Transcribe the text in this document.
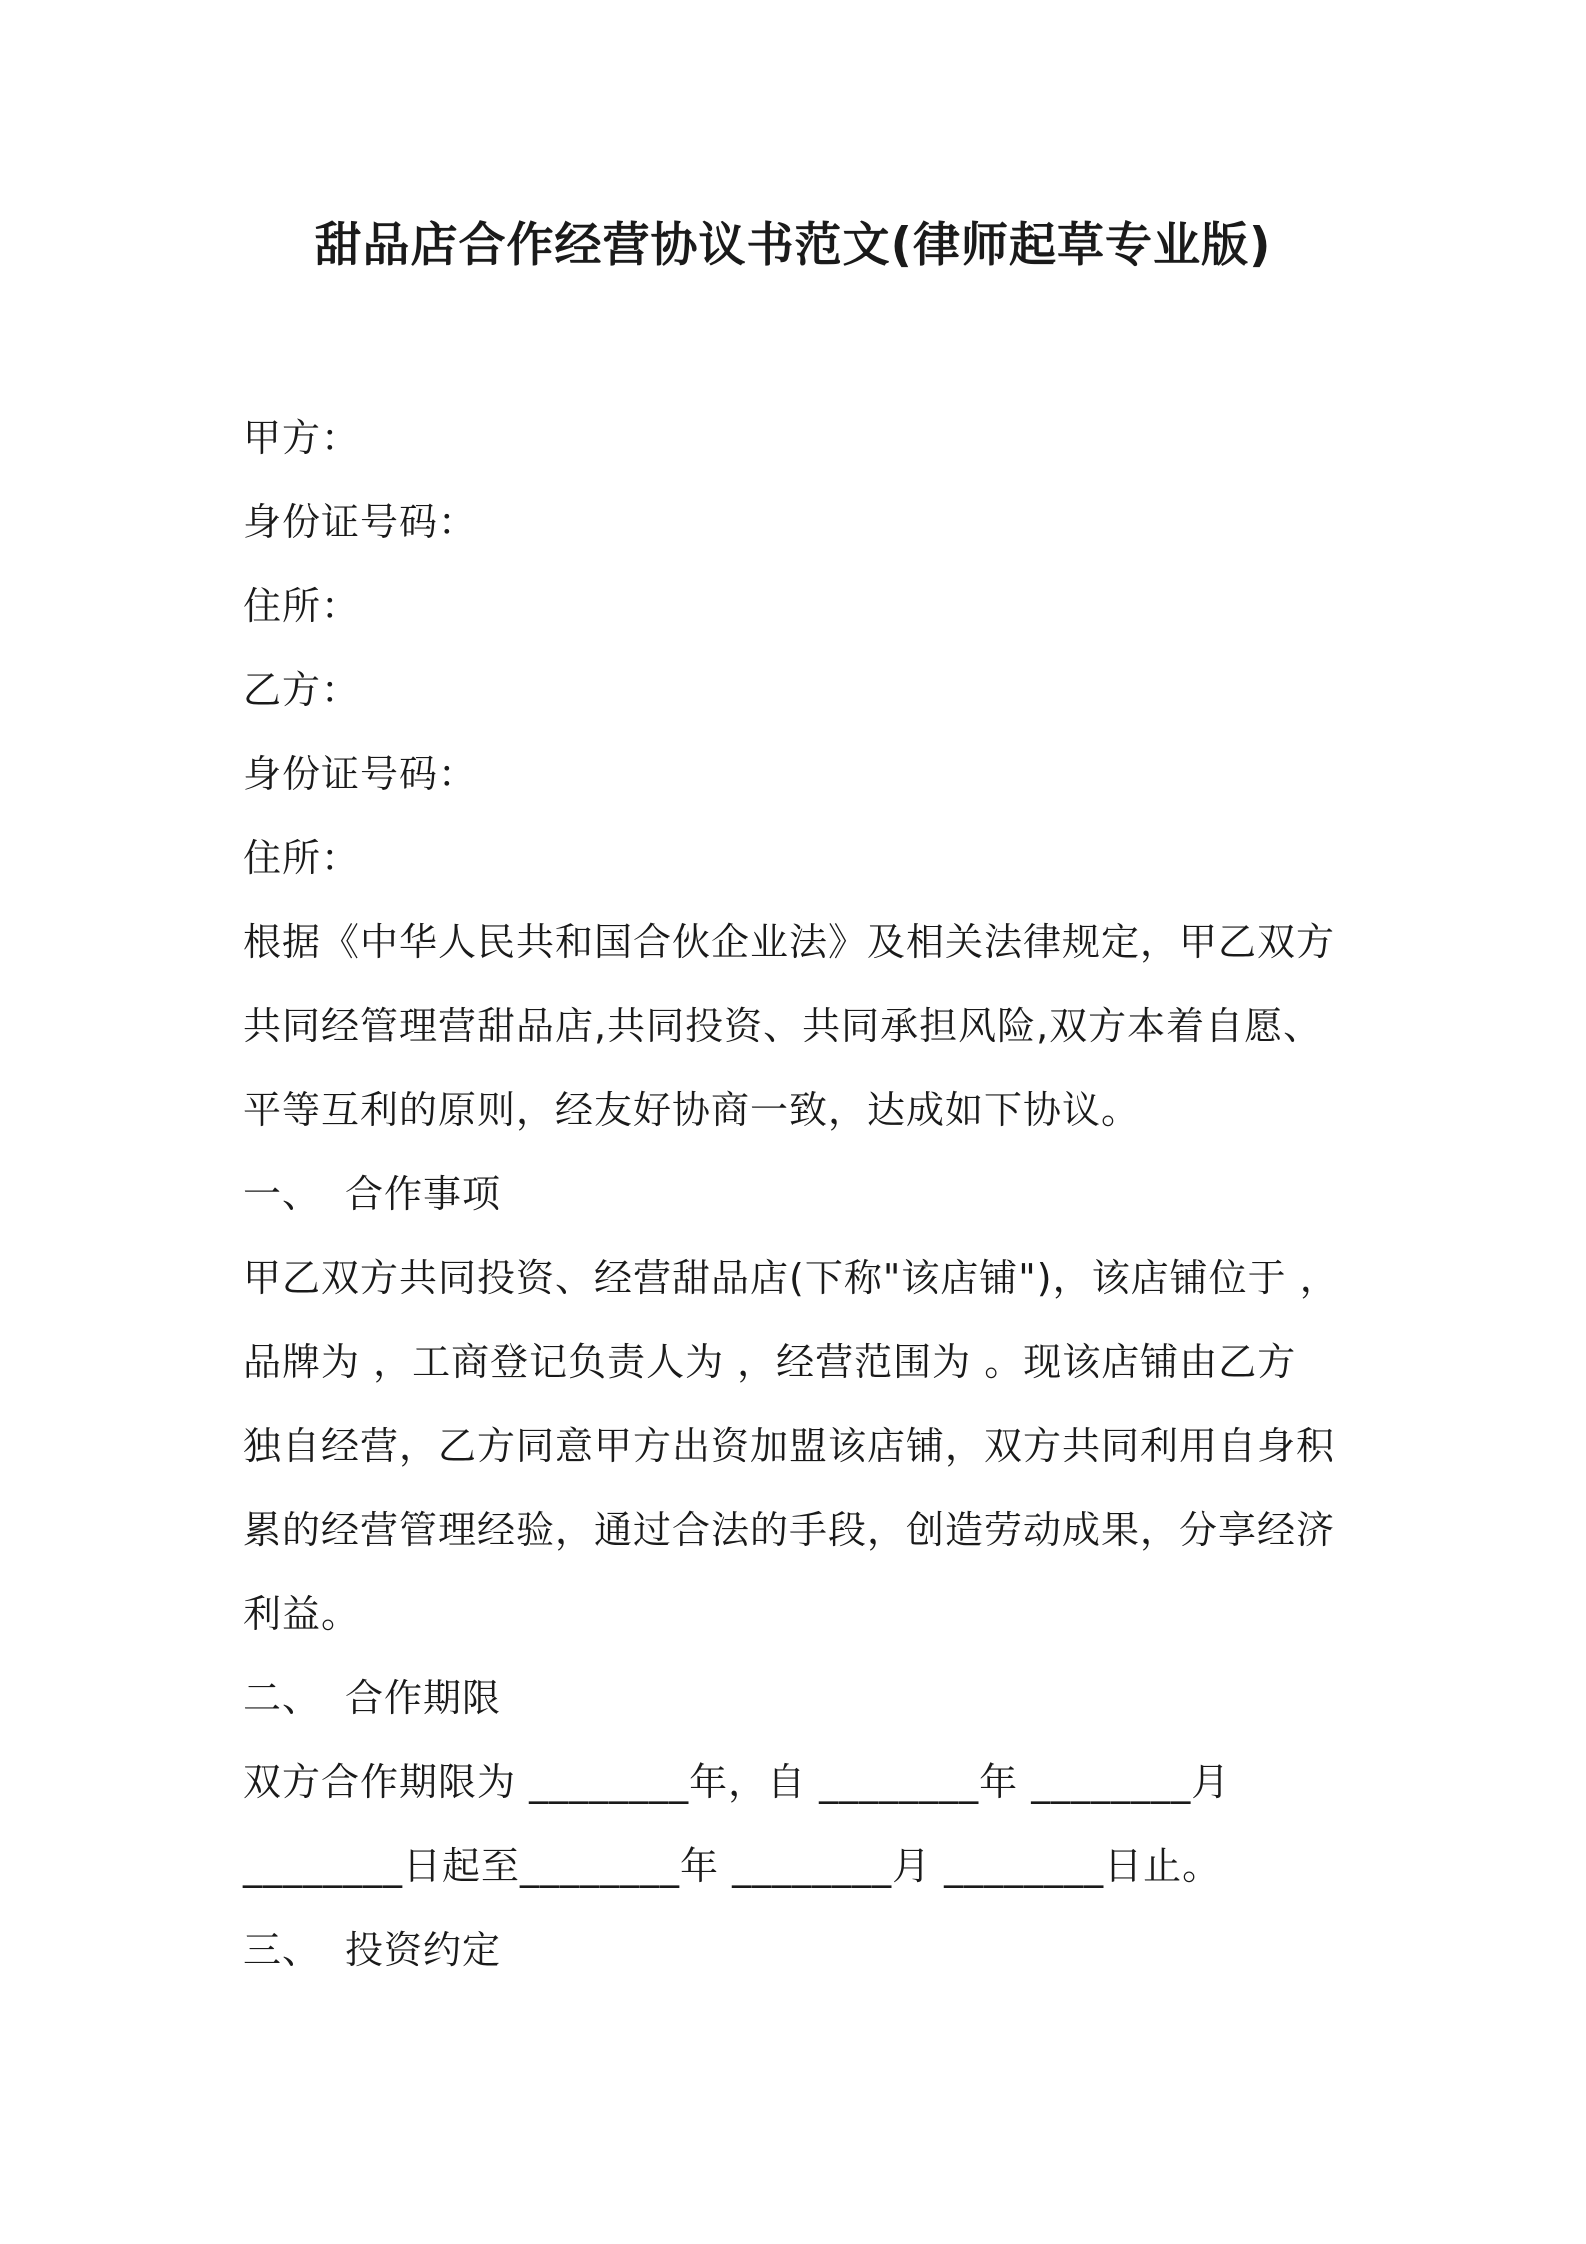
甜品店合作经营协议书范文(律师起草专业版)
甲方：
身份证号码：
住所：
乙方：
身份证号码：
住所：
根据《中华人民共和国合伙企业法》及相关法律规定，甲乙双方
共同经管理营甜品店,共同投资、共同承担风险,双方本着自愿、
平等互利的原则，经友好协商一致，达成如下协议。
一、 合作事项
甲乙双方共同投资、经营甜品店(下称"该店铺")，该店铺位于 ，
品牌为 ，工商登记负责人为 ，经营范围为 。现该店铺由乙方
独自经营，乙方同意甲方出资加盟该店铺，双方共同利用自身积
累的经营管理经验，通过合法的手段，创造劳动成果，分享经济
利益。
二、 合作期限
双方合作期限为 ________年，自 ________年 ________月
________日起至________年 ________月 ________日止。
三、 投资约定
